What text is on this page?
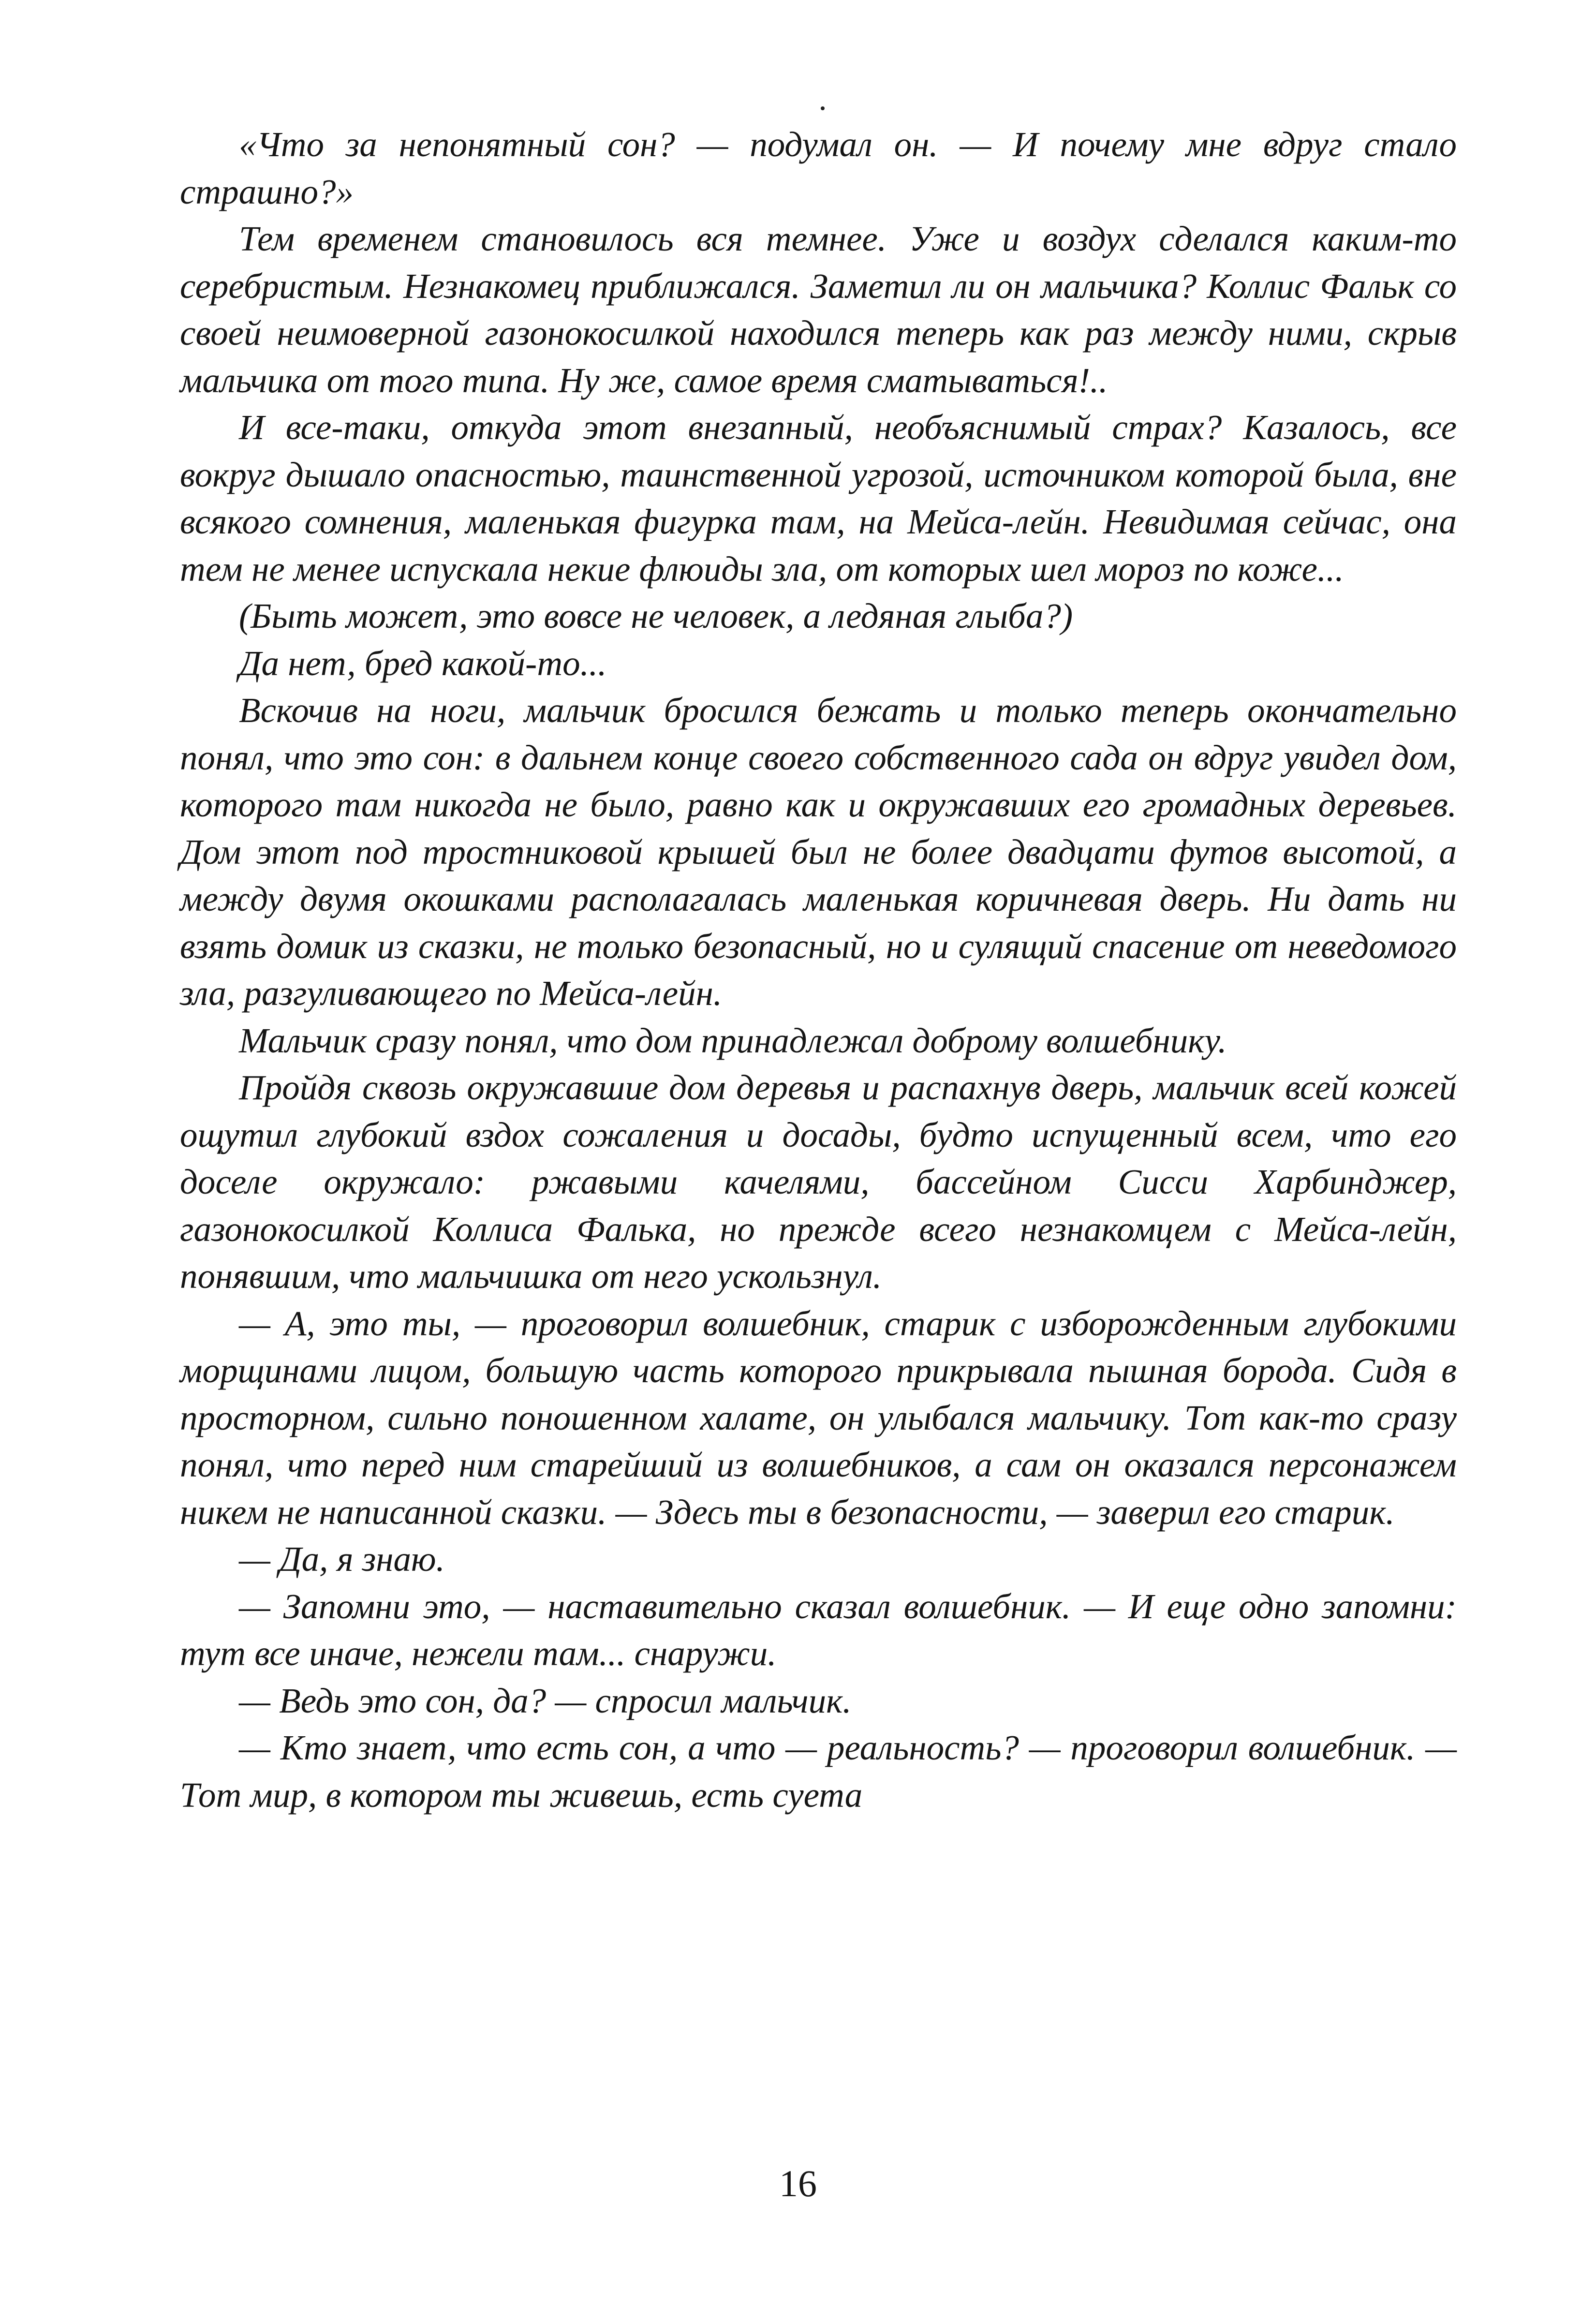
«Что за непонятный сон? — подумал он. — И почему мне вдруг стало страшно?»

Тем временем становилось вся темнее. Уже и воздух сделался каким-то серебристым. Незнакомец приближался. Заметил ли он мальчика? Коллис Фальк со своей неимоверной газонокосилкой находился теперь как раз между ними, скрыв мальчика от того типа. Ну же, самое время сматываться!..

И все-таки, откуда этот внезапный, необъяснимый страх? Казалось, все вокруг дышало опасностью, таинственной угрозой, источником которой была, вне всякого сомнения, маленькая фигурка там, на Мейса-лейн. Невидимая сейчас, она тем не менее испускала некие флюиды зла, от которых шел мороз по коже...

(Быть может, это вовсе не человек, а ледяная глыба?)

Да нет, бред какой-то...

Вскочив на ноги, мальчик бросился бежать и только теперь окончательно понял, что это сон: в дальнем конце своего собственного сада он вдруг увидел дом, которого там никогда не было, равно как и окружавших его громадных деревьев. Дом этот под тростниковой крышей был не более двадцати футов высотой, а между двумя окошками располагалась маленькая коричневая дверь. Ни дать ни взять домик из сказки, не только безопасный, но и сулящий спасение от неведомого зла, разгуливающего по Мейса-лейн.

Мальчик сразу понял, что дом принадлежал доброму волшебнику.

Пройдя сквозь окружавшие дом деревья и распахнув дверь, мальчик всей кожей ощутил глубокий вздох сожаления и досады, будто испущенный всем, что его доселе окружало: ржавыми качелями, бассейном Сисси Харбинджер, газонокосилкой Коллиса Фалька, но прежде всего незнакомцем с Мейса-лейн, понявшим, что мальчишка от него ускользнул.

— А, это ты, — проговорил волшебник, старик с изборожденным глубокими морщинами лицом, большую часть которого прикрывала пышная борода. Сидя в просторном, сильно поношенном халате, он улыбался мальчику. Тот как-то сразу понял, что перед ним старейший из волшебников, а сам он оказался персонажем никем не написанной сказки. — Здесь ты в безопасности, — заверил его старик.

— Да, я знаю.

— Запомни это, — наставительно сказал волшебник. — И еще одно запомни: тут все иначе, нежели там... снаружи.

— Ведь это сон, да? — спросил мальчик.

— Кто знает, что есть сон, а что — реальность? — проговорил волшебник. — Тот мир, в котором ты живешь, есть суета

16
